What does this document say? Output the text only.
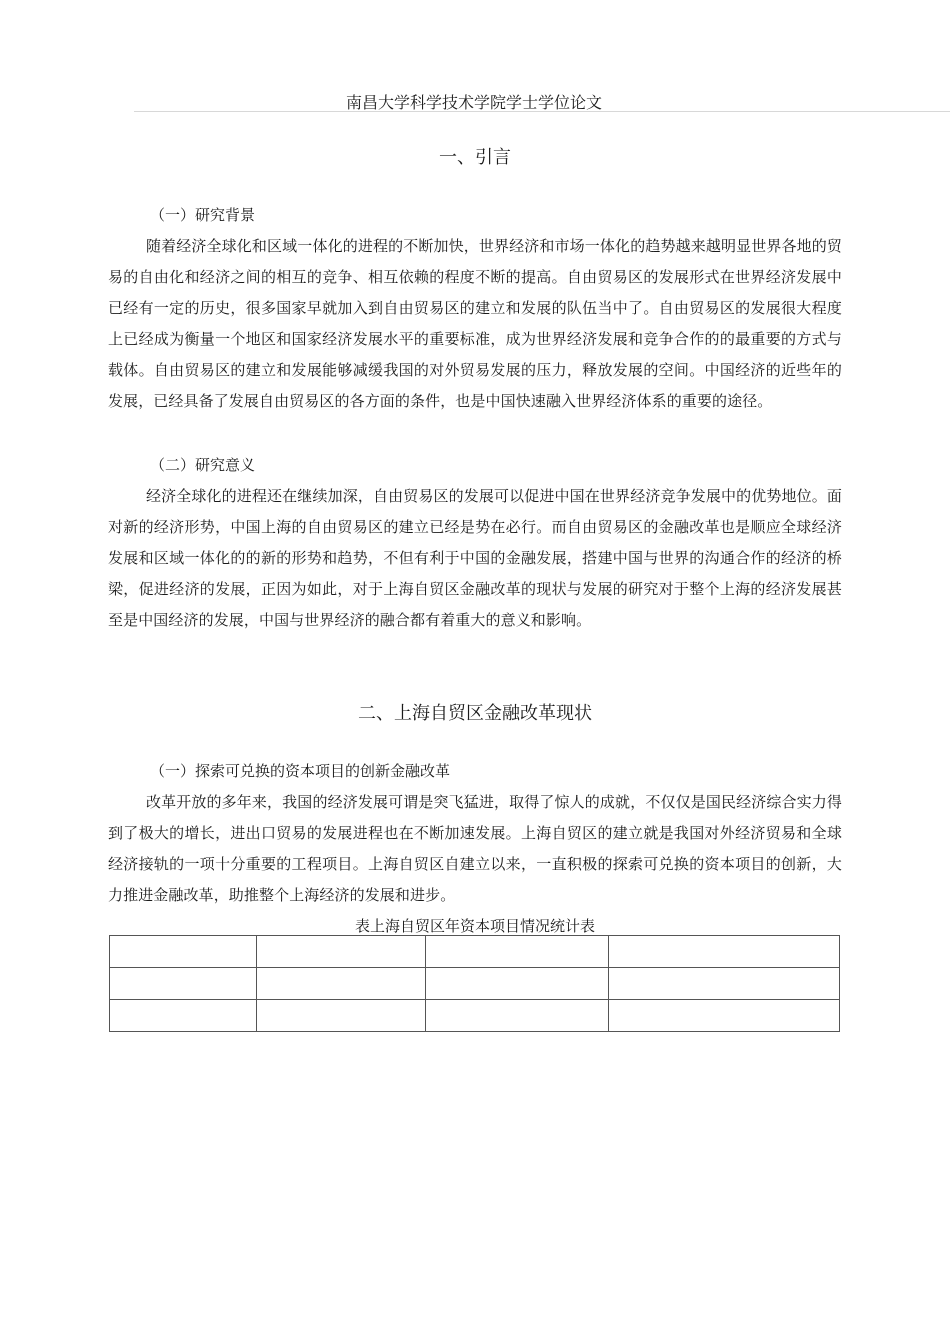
南昌大学科学技术学院学士学位论文

一、引言
（一）研究背景

随着经济全球化和区域一体化的进程的不断加快，世界经济和市场一体化的趋势越来越明显世界各地的贸易的自由化和经济之间的相互的竞争、相互依赖的程度不断的提高。自由贸易区的发展形式在世界经济发展中已经有一定的历史，很多国家早就加入到自由贸易区的建立和发展的队伍当中了。自由贸易区的发展很大程度上已经成为衡量一个地区和国家经济发展水平的重要标准，成为世界经济发展和竞争合作的的最重要的方式与载体。自由贸易区的建立和发展能够减缓我国的对外贸易发展的压力，释放发展的空间。中国经济的近些年的发展，已经具备了发展自由贸易区的各方面的条件，也是中国快速融入世界经济体系的重要的途径。

（二）研究意义

经济全球化的进程还在继续加深，自由贸易区的发展可以促进中国在世界经济竞争发展中的优势地位。面对新的经济形势，中国上海的自由贸易区的建立已经是势在必行。而自由贸易区的金融改革也是顺应全球经济发展和区域一体化的的新的形势和趋势，不但有利于中国的金融发展，搭建中国与世界的沟通合作的经济的桥梁，促进经济的发展，正因为如此，对于上海自贸区金融改革的现状与发展的研究对于整个上海的经济发展甚至是中国经济的发展，中国与世界经济的融合都有着重大的意义和影响。

二、上海自贸区金融改革现状
（一）探索可兑换的资本项目的创新金融改革

改革开放的多年来，我国的经济发展可谓是突飞猛进，取得了惊人的成就，不仅仅是国民经济综合实力得到了极大的增长，进出口贸易的发展进程也在不断加速发展。上海自贸区的建立就是我国对外经济贸易和全球经济接轨的一项十分重要的工程项目。上海自贸区自建立以来，一直积极的探索可兑换的资本项目的创新，大力推进金融改革，助推整个上海经济的发展和进步。

表上海自贸区年资本项目情况统计表
